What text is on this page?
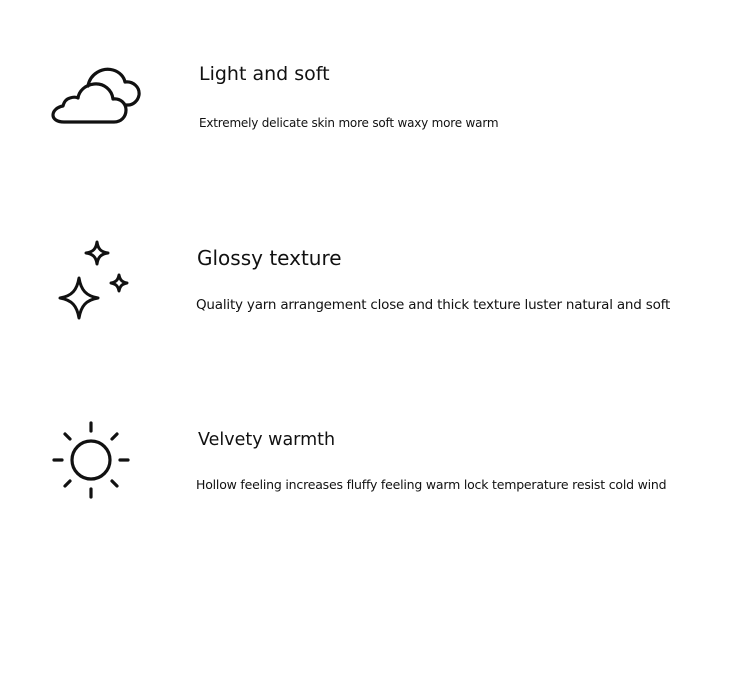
Light and soft

Extremely delicate skin more soft waxy more warm

Glossy texture

Quality yarn arrangement close and thick texture luster natural and soft

Velvety warmth

Hollow feeling increases fluffy feeling warm lock temperature resist cold wind
